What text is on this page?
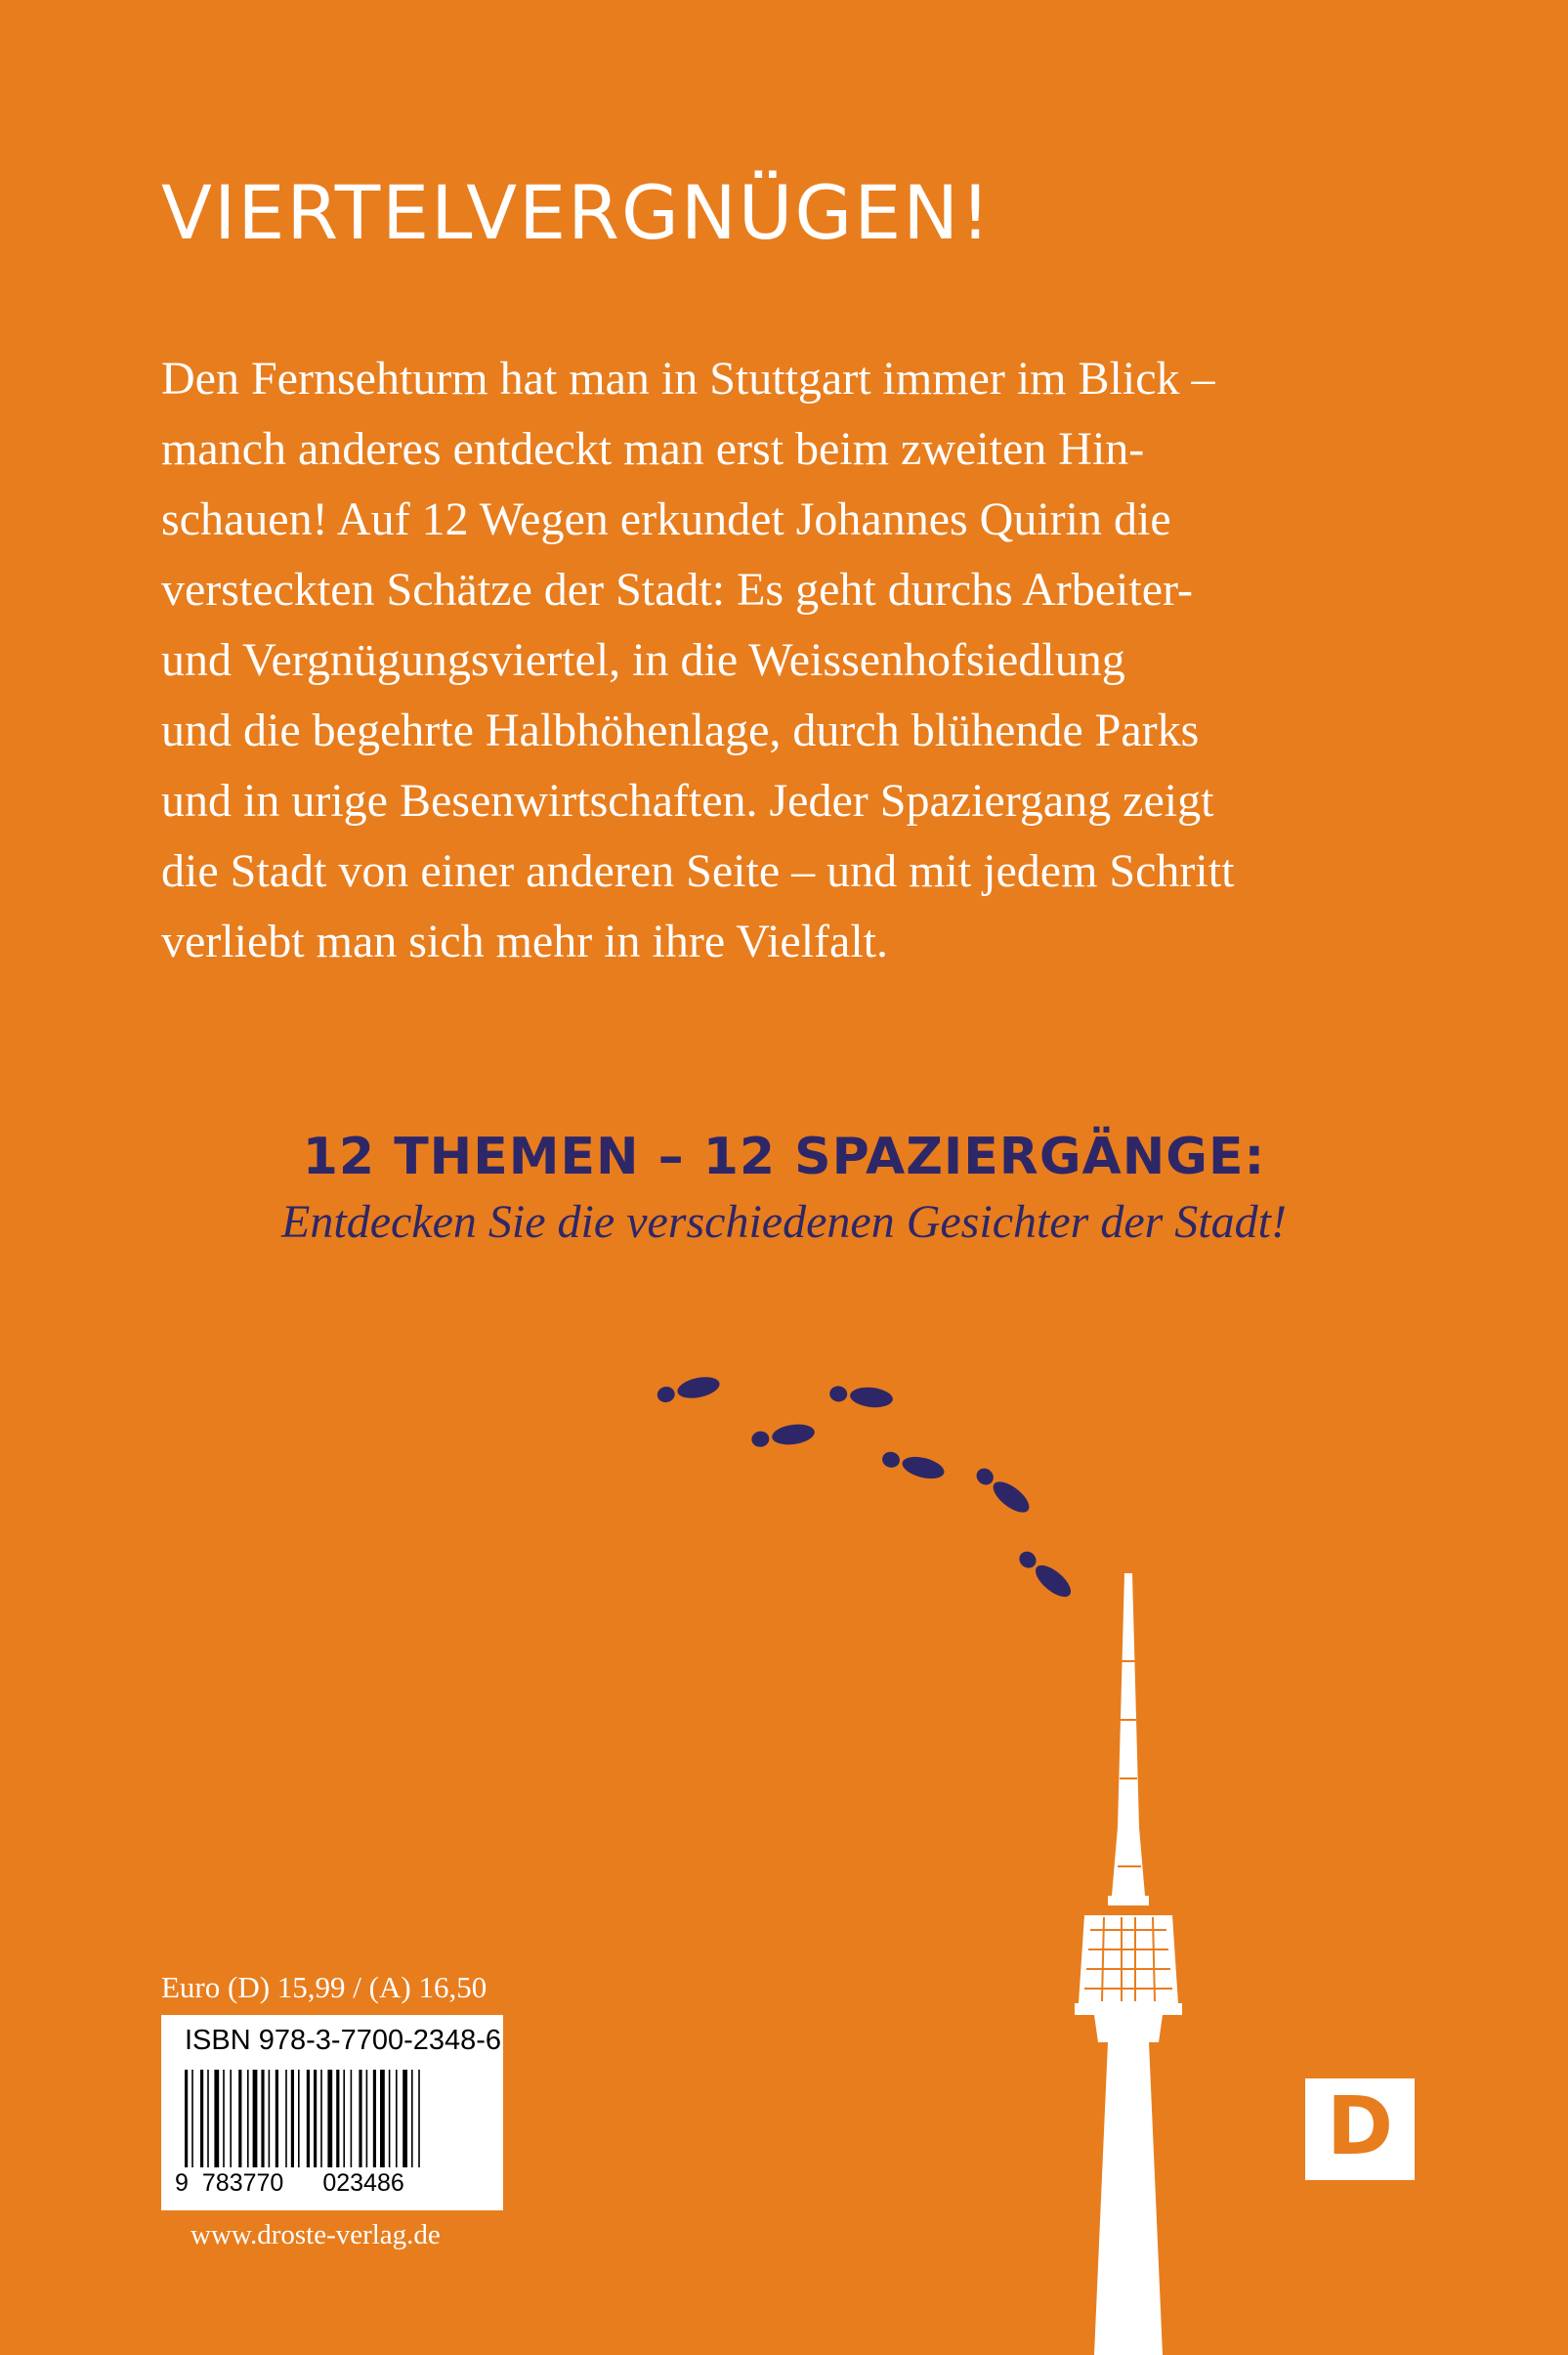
VIERTELVERGNÜGEN!
Den Fernsehturm hat man in Stuttgart immer im Blick –
manch anderes entdeckt man erst beim zweiten Hin-
schauen! Auf 12 Wegen erkundet Johannes Quirin die
versteckten Schätze der Stadt: Es geht durchs Arbeiter-
und Vergnügungsviertel, in die Weissenhofsiedlung
und die begehrte Halbhöhenlage, durch blühende Parks
und in urige Besenwirtschaften. Jeder Spaziergang zeigt
die Stadt von einer anderen Seite – und mit jedem Schritt
verliebt man sich mehr in ihre Vielfalt.
12 THEMEN – 12 SPAZIERGÄNGE:
Entdecken Sie die verschiedenen Gesichter der Stadt!
Euro (D) 15,99 / (A) 16,50
ISBN 978-3-7700-2348-6
9 783770 023486
www.droste-verlag.de
D
